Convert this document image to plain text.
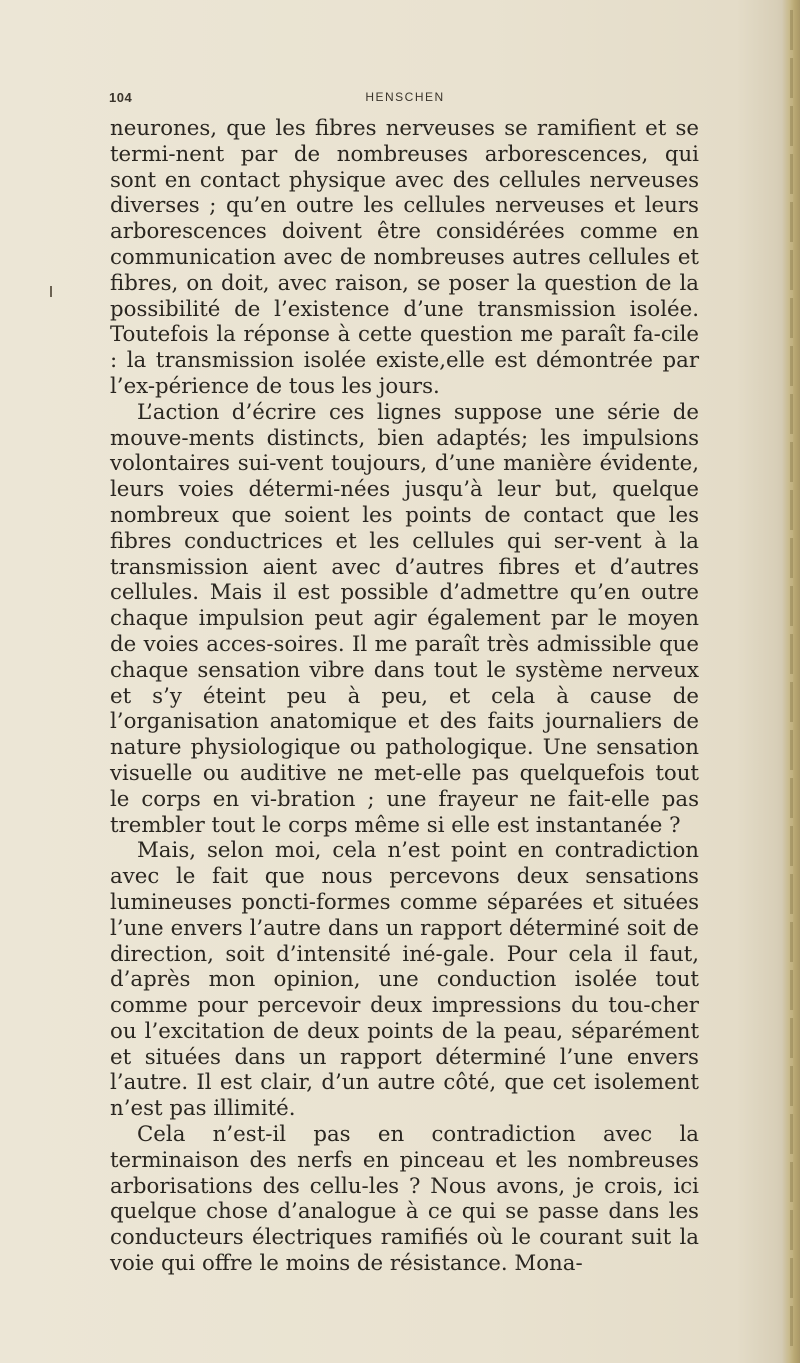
104	HENSCHEN

neurones, que les fibres nerveuses se ramifient et se termi-nent par de nombreuses arborescences, qui sont en contact physique avec des cellules nerveuses diverses ; qu’en outre les cellules nerveuses et leurs arborescences doivent être considérées comme en communication avec de nombreuses autres cellules et fibres, on doit, avec raison, se poser la question de la possibilité de l’existence d’une transmission isolée. Toutefois la réponse à cette question me paraît fa-cile : la transmission isolée existe,elle est démontrée par l’ex-périence de tous les jours.

L’action d’écrire ces lignes suppose une série de mouve-ments distincts, bien adaptés; les impulsions volontaires sui-vent toujours, d’une manière évidente, leurs voies détermi-nées jusqu’à leur but, quelque nombreux que soient les points de contact que les fibres conductrices et les cellules qui ser-vent à la transmission aient avec d’autres fibres et d’autres cellules. Mais il est possible d’admettre qu’en outre chaque impulsion peut agir également par le moyen de voies acces-soires. Il me paraît très admissible que chaque sensation vibre dans tout le système nerveux et s’y éteint peu à peu, et cela à cause de l’organisation anatomique et des faits journaliers de nature physiologique ou pathologique. Une sensation visuelle ou auditive ne met-elle pas quelquefois tout le corps en vi-bration ; une frayeur ne fait-elle pas trembler tout le corps même si elle est instantanée ?

Mais, selon moi, cela n’est point en contradiction avec le fait que nous percevons deux sensations lumineuses poncti-formes comme séparées et situées l’une envers l’autre dans un rapport déterminé soit de direction, soit d’intensité iné-gale. Pour cela il faut, d’après mon opinion, une conduction isolée tout comme pour percevoir deux impressions du tou-cher ou l’excitation de deux points de la peau, séparément et situées dans un rapport déterminé l’une envers l’autre. Il est clair, d’un autre côté, que cet isolement n’est pas illimité.

Cela n’est-il pas en contradiction avec la terminaison des nerfs en pinceau et les nombreuses arborisations des cellu-les ? Nous avons, je crois, ici quelque chose d’analogue à ce qui se passe dans les conducteurs électriques ramifiés où le courant suit la voie qui offre le moins de résistance. Mona-
